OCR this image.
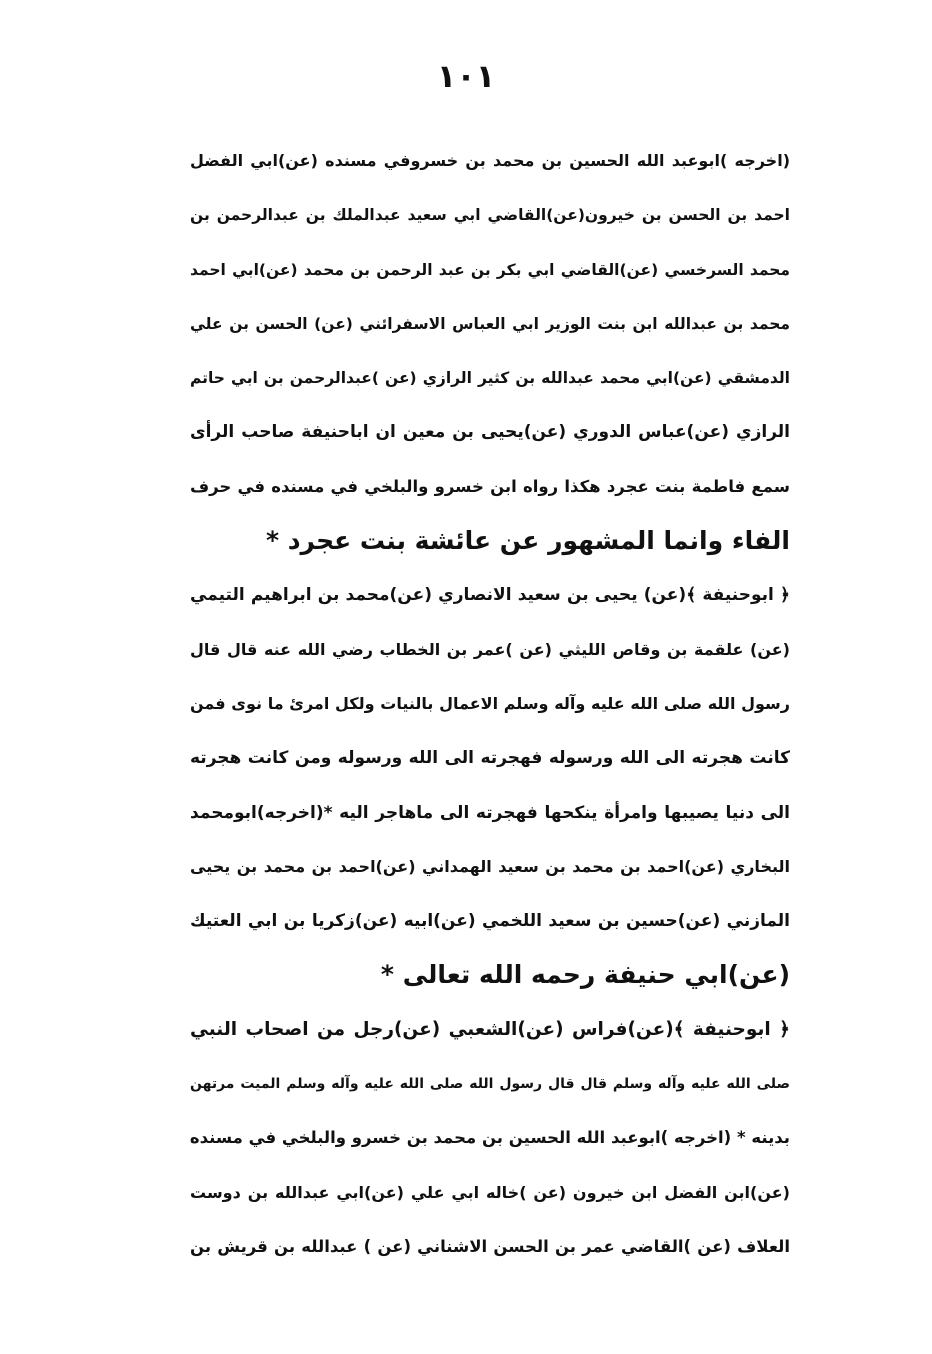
١٠١
(اخرجه )ابوعبد الله الحسين بن محمد بن خسروفي مسنده (عن)ابي الفضل
احمد بن الحسن بن خيرون(عن)القاضي ابي سعيد عبدالملك بن عبدالرحمن بن
محمد السرخسي (عن)القاضي ابي بكر بن عبد الرحمن بن محمد (عن)ابي احمد
محمد بن عبدالله ابن بنت الوزير ابي العباس الاسفرائني (عن) الحسن بن علي
الدمشقي (عن)ابي محمد عبدالله بن كثير الرازي (عن )عبدالرحمن بن ابي حاتم
الرازي (عن)عباس الدوري (عن)يحيى بن معين ان اباحنيفة صاحب الرأى
سمع فاطمة بنت عجرد هكذا رواه ابن خسرو والبلخي في مسنده في حرف
الفاء وانما المشهور عن عائشة بنت عجرد *
﴿ ابوحنيفة ﴾(عن) يحيى بن سعيد الانصاري (عن)محمد بن ابراهيم التيمي
(عن) علقمة بن وقاص الليثي (عن )عمر بن الخطاب رضي الله عنه قال قال
رسول الله صلى الله عليه وآله وسلم الاعمال بالنيات ولكل امرئ ما نوى فمن
كانت هجرته الى الله ورسوله فهجرته الى الله ورسوله ومن كانت هجرته
الى دنيا يصيبها وامرأة ينكحها فهجرته الى ماهاجر اليه *(اخرجه)ابومحمد
البخاري (عن)احمد بن محمد بن سعيد الهمداني (عن)احمد بن محمد بن يحيى
المازني (عن)حسين بن سعيد اللخمي (عن)ابيه (عن)زكريا بن ابي العتيك
(عن)ابي حنيفة رحمه الله تعالى *
﴿ ابوحنيفة ﴾(عن)فراس (عن)الشعبي (عن)رجل من اصحاب النبي
صلى الله عليه وآله وسلم قال قال رسول الله صلى الله عليه وآله وسلم الميت مرتهن
بدينه * (اخرجه )ابوعبد الله الحسين بن محمد بن خسرو والبلخي في مسنده
(عن)ابن الفضل ابن خيرون (عن )خاله ابي علي (عن)ابي عبدالله بن دوست
العلاف (عن )القاضي عمر بن الحسن الاشناني (عن ) عبدالله بن قريش بن
